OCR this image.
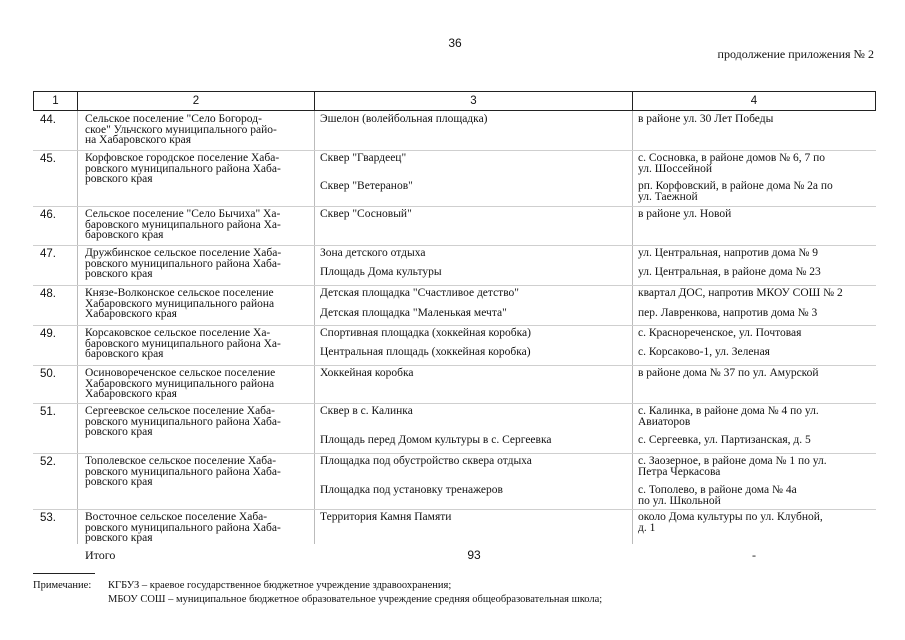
36
продолжение приложения № 2
1	2	3	4
44.	Сельское поселение "Село Богород-
ское" Ульчского муниципального райо-
на Хабаровского края
Эшелон (волейбольная площадка)	в районе ул. 30 Лет Победы
45.	Корфовское городское поселение Хаба-
ровского муниципального района Хаба-
ровского края
Сквер "Гвардеец"	с. Сосновка, в районе домов № 6, 7 по
ул. Шоссейной
Сквер "Ветеранов"	рп. Корфовский, в районе дома № 2а по
ул. Таежной
46.	Сельское поселение "Село Бычиха" Ха-
баровского муниципального района Ха-
баровского края
Сквер "Сосновый"	в районе ул. Новой
47.	Дружбинское сельское поселение Хаба-
ровского муниципального района Хаба-
ровского края
Зона детского отдыха	ул. Центральная, напротив дома № 9
Площадь Дома культуры	ул. Центральная, в районе дома № 23
48.	Князе-Волконское сельское поселение
Хабаровского муниципального района
Хабаровского края
Детская площадка "Счастливое детство"	квартал ДОС, напротив МКОУ СОШ № 2
Детская площадка "Маленькая мечта"	пер. Лавренкова, напротив дома № 3
49.	Корсаковское сельское поселение Ха-
баровского муниципального района Ха-
баровского края
Спортивная площадка (хоккейная коробка)	с. Краснореченское, ул. Почтовая
Центральная площадь (хоккейная коробка)	с. Корсаково-1, ул. Зеленая
50.	Осиновореченское сельское поселение
Хабаровского муниципального района
Хабаровского края
Хоккейная коробка	в районе дома № 37 по ул. Амурской
51.	Сергеевское сельское поселение Хаба-
ровского муниципального района Хаба-
ровского края
Сквер в с. Калинка	с. Калинка, в районе дома № 4 по ул.
Авиаторов
Площадь перед Домом культуры в с. Сергеевка	с. Сергеевка, ул. Партизанская, д. 5
52.	Тополевское сельское поселение Хаба-
ровского муниципального района Хаба-
ровского края
Площадка под обустройство сквера отдыха	с. Заозерное, в районе дома № 1 по ул.
Петра Черкасова
Площадка под установку тренажеров	с. Тополево, в районе дома № 4а
по ул. Школьной
53.	Восточное сельское поселение Хаба-
ровского муниципального района Хаба-
ровского края
Территория Камня Памяти	около Дома культуры по ул. Клубной,
д. 1
Итого	93	-
Примечание: КГБУЗ – краевое государственное бюджетное учреждение здравоохранения;
МБОУ СОШ – муниципальное бюджетное образовательное учреждение средняя общеобразовательная школа;
